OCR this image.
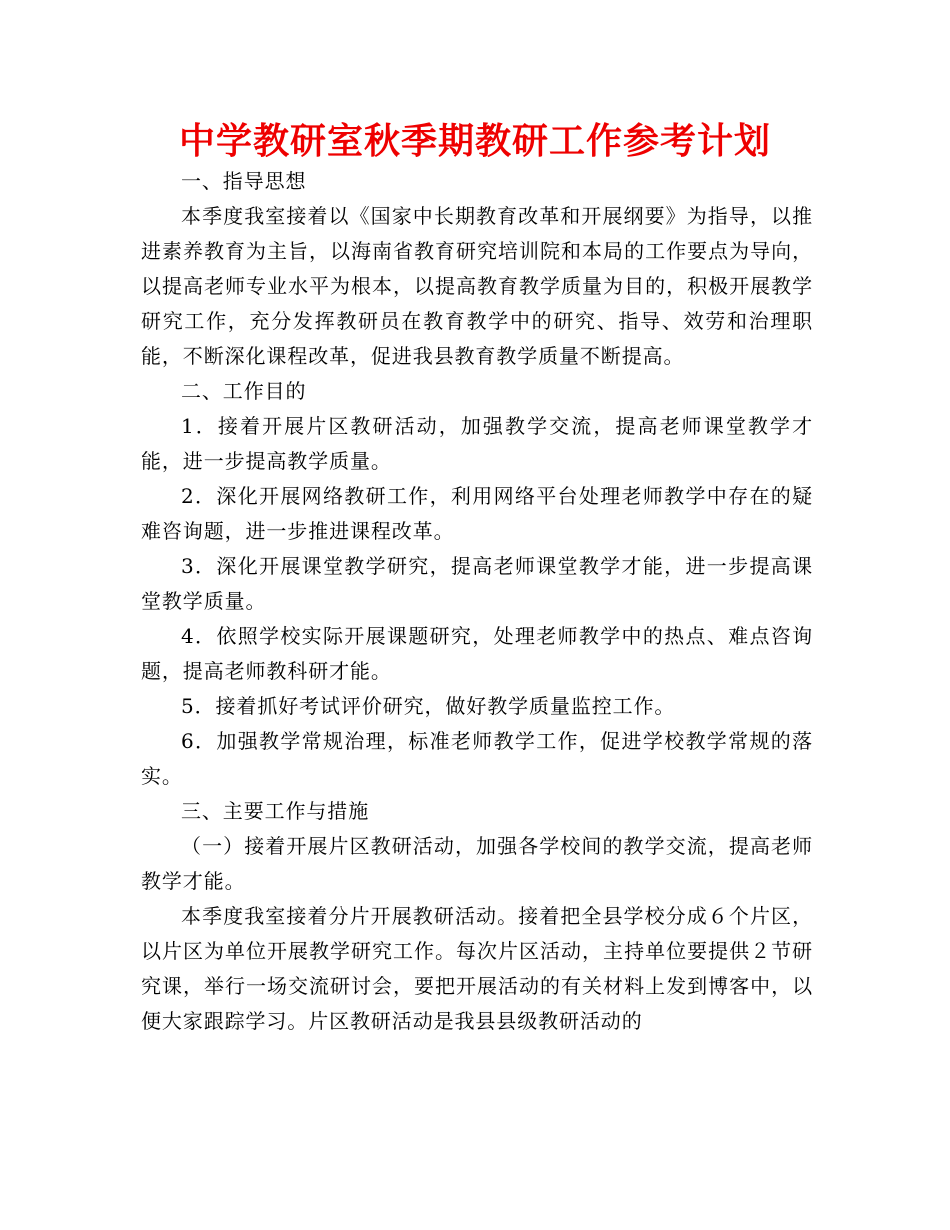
中学教研室秋季期教研工作参考计划

一、指导思想

本季度我室接着以《国家中长期教育改革和开展纲要》为指导，以推进素养教育为主旨，以海南省教育研究培训院和本局的工作要点为导向，以提高老师专业水平为根本，以提高教育教学质量为目的，积极开展教学研究工作，充分发挥教研员在教育教学中的研究、指导、效劳和治理职能，不断深化课程改革，促进我县教育教学质量不断提高。

二、工作目的

1．接着开展片区教研活动，加强教学交流，提高老师课堂教学才能，进一步提高教学质量。

2．深化开展网络教研工作，利用网络平台处理老师教学中存在的疑难咨询题，进一步推进课程改革。

3．深化开展课堂教学研究，提高老师课堂教学才能，进一步提高课堂教学质量。

4．依照学校实际开展课题研究，处理老师教学中的热点、难点咨询题，提高老师教科研才能。

5．接着抓好考试评价研究，做好教学质量监控工作。

6．加强教学常规治理，标准老师教学工作，促进学校教学常规的落实。

三、主要工作与措施

（一）接着开展片区教研活动，加强各学校间的教学交流，提高老师教学才能。

本季度我室接着分片开展教研活动。接着把全县学校分成６个片区，以片区为单位开展教学研究工作。每次片区活动，主持单位要提供２节研究课，举行一场交流研讨会，要把开展活动的有关材料上发到博客中，以便大家跟踪学习。片区教研活动是我县县级教研活动的
